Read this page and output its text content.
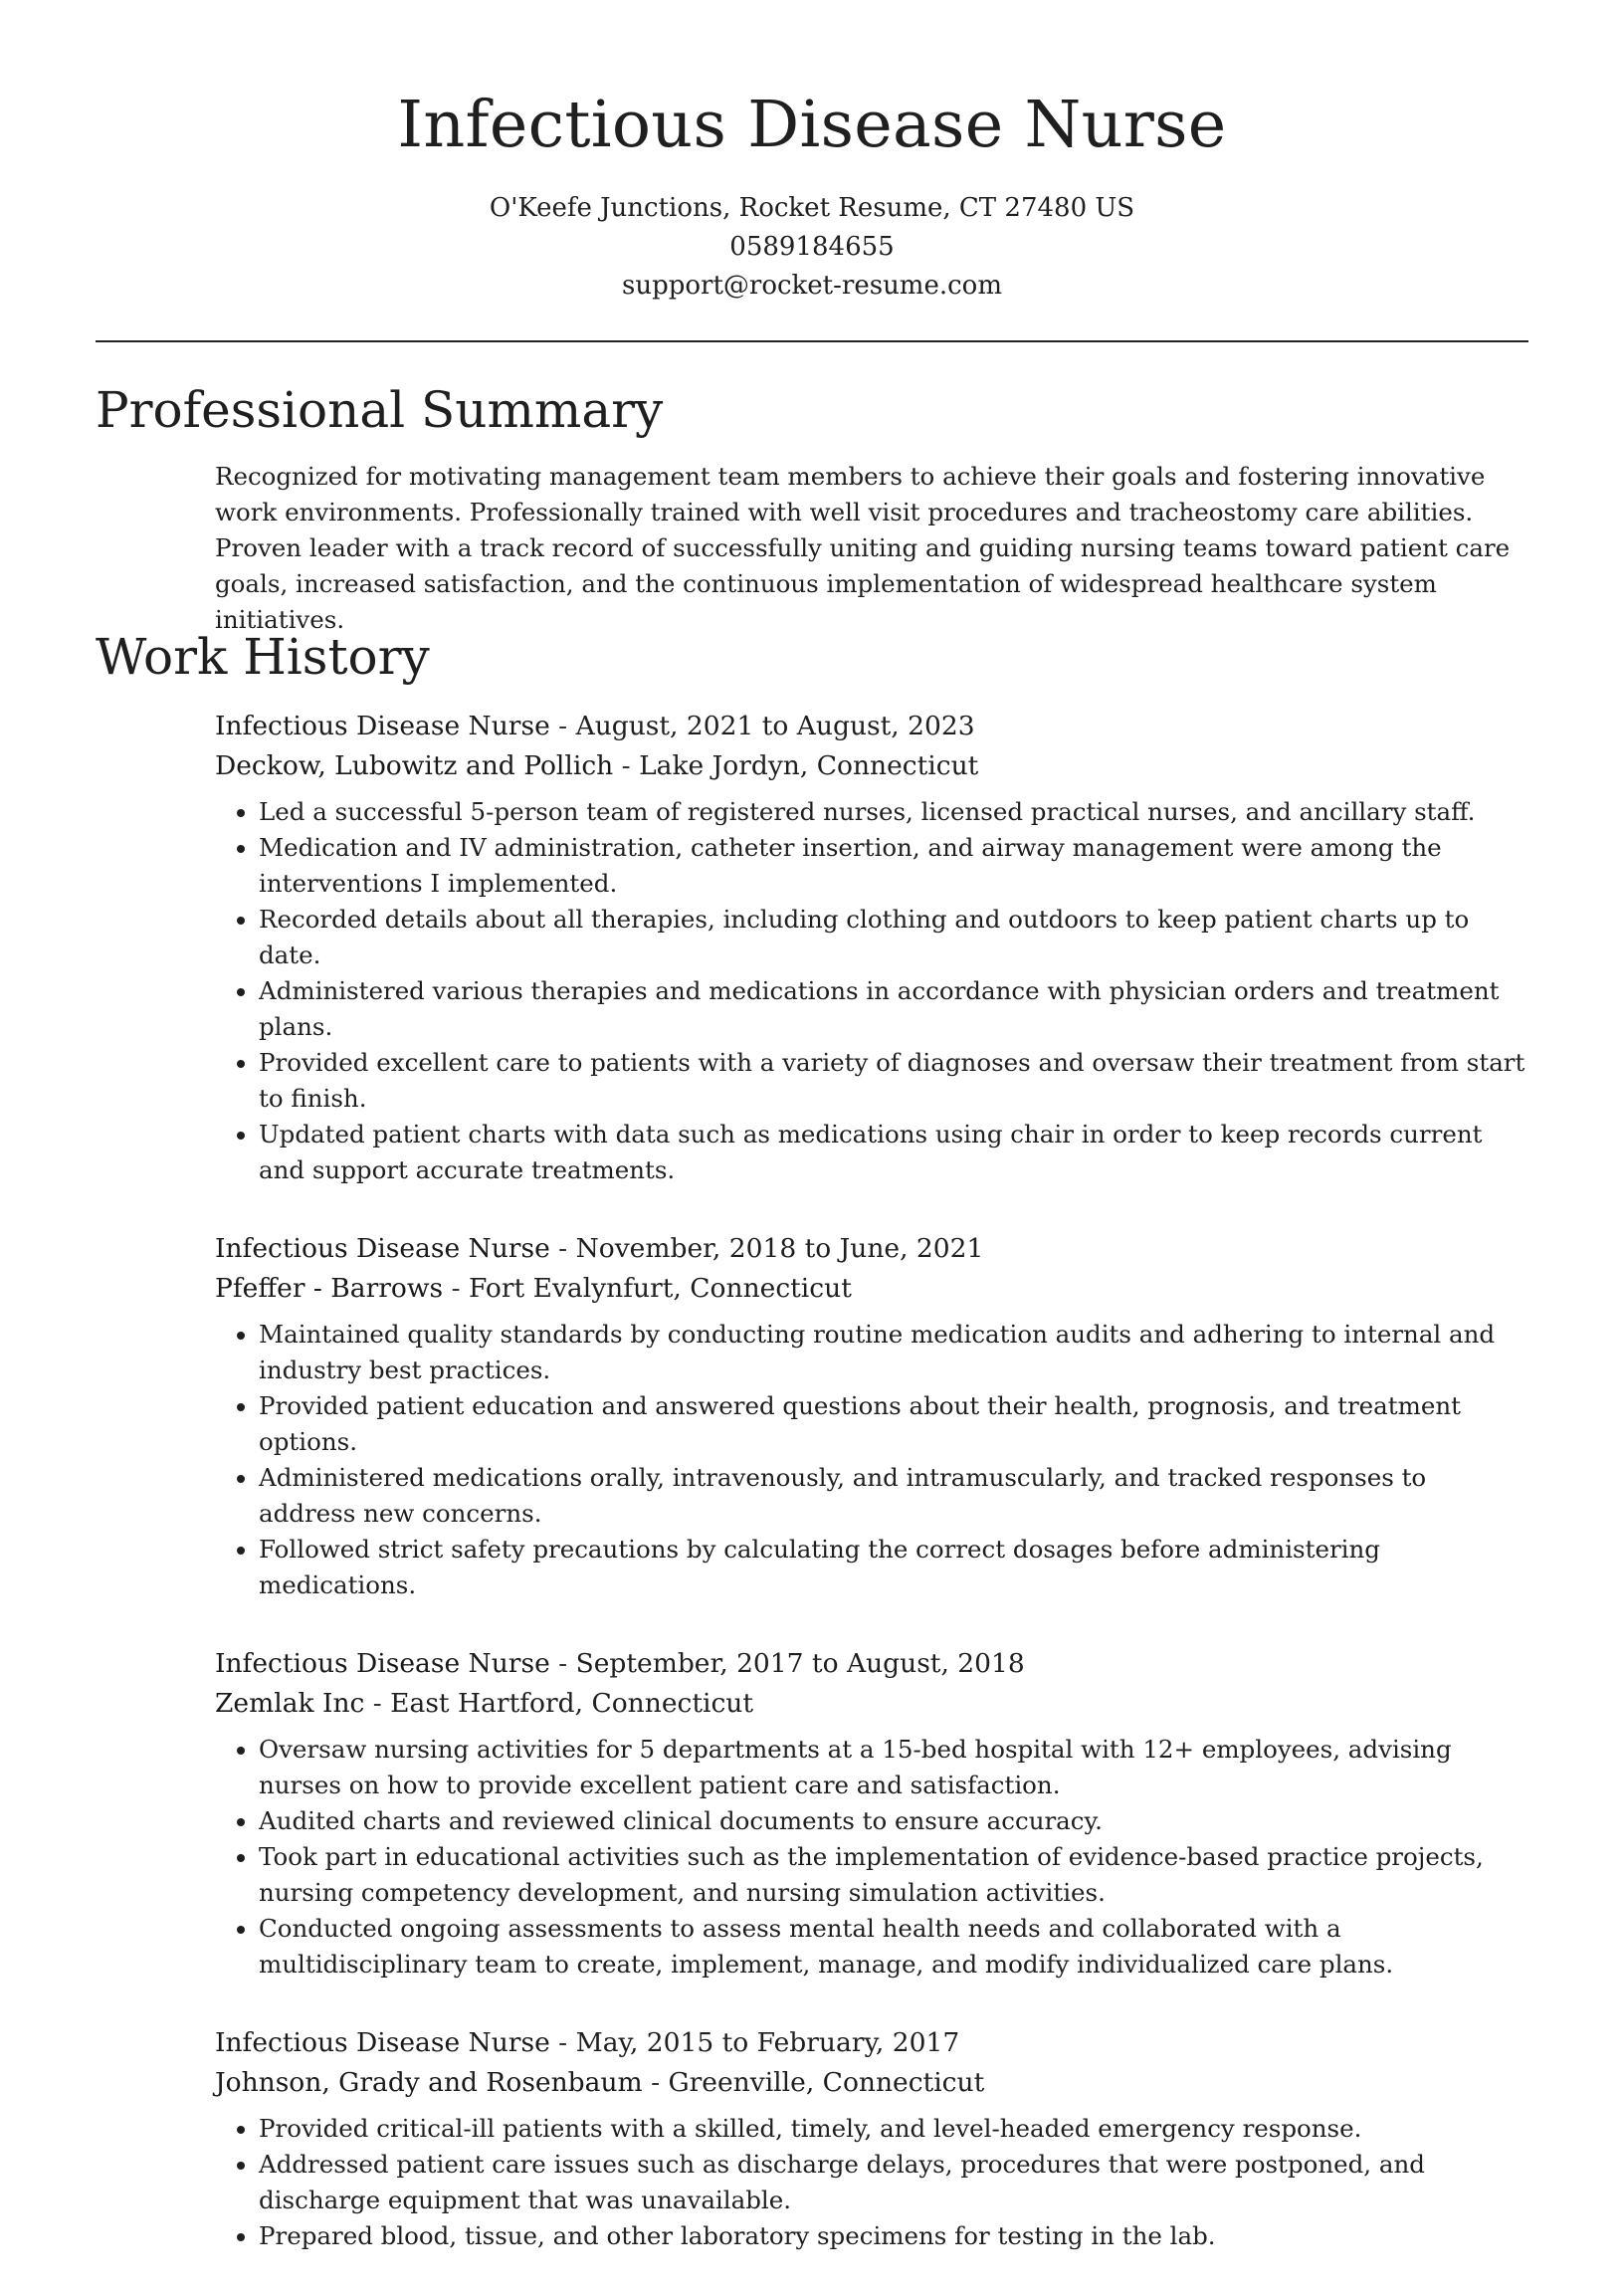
Infectious Disease Nurse
O'Keefe Junctions, Rocket Resume, CT 27480 US
0589184655
support@rocket-resume.com
Professional Summary

Recognized for motivating management team members to achieve their goals and fostering innovative work environments. Professionally trained with well visit procedures and tracheostomy care abilities. Proven leader with a track record of successfully uniting and guiding nursing teams toward patient care goals, increased satisfaction, and the continuous implementation of widespread healthcare system initiatives.

Work History

Infectious Disease Nurse - August, 2021 to August, 2023

Deckow, Lubowitz and Pollich - Lake Jordyn, Connecticut

• Led a successful 5-person team of registered nurses, licensed practical nurses, and ancillary staff.
• Medication and IV administration, catheter insertion, and airway management were among the interventions I implemented.
• Recorded details about all therapies, including clothing and outdoors to keep patient charts up to date.
• Administered various therapies and medications in accordance with physician orders and treatment plans.
• Provided excellent care to patients with a variety of diagnoses and oversaw their treatment from start to finish.
• Updated patient charts with data such as medications using chair in order to keep records current and support accurate treatments.

Infectious Disease Nurse - November, 2018 to June, 2021

Pfeffer - Barrows - Fort Evalynfurt, Connecticut

• Maintained quality standards by conducting routine medication audits and adhering to internal and industry best practices.
• Provided patient education and answered questions about their health, prognosis, and treatment options.
• Administered medications orally, intravenously, and intramuscularly, and tracked responses to address new concerns.
• Followed strict safety precautions by calculating the correct dosages before administering medications.

Infectious Disease Nurse - September, 2017 to August, 2018

Zemlak Inc - East Hartford, Connecticut

• Oversaw nursing activities for 5 departments at a 15-bed hospital with 12+ employees, advising nurses on how to provide excellent patient care and satisfaction.
• Audited charts and reviewed clinical documents to ensure accuracy.
• Took part in educational activities such as the implementation of evidence-based practice projects, nursing competency development, and nursing simulation activities.
• Conducted ongoing assessments to assess mental health needs and collaborated with a multidisciplinary team to create, implement, manage, and modify individualized care plans.

Infectious Disease Nurse - May, 2015 to February, 2017

Johnson, Grady and Rosenbaum - Greenville, Connecticut

• Provided critical-ill patients with a skilled, timely, and level-headed emergency response.
• Addressed patient care issues such as discharge delays, procedures that were postponed, and discharge equipment that was unavailable.
• Prepared blood, tissue, and other laboratory specimens for testing in the lab.
